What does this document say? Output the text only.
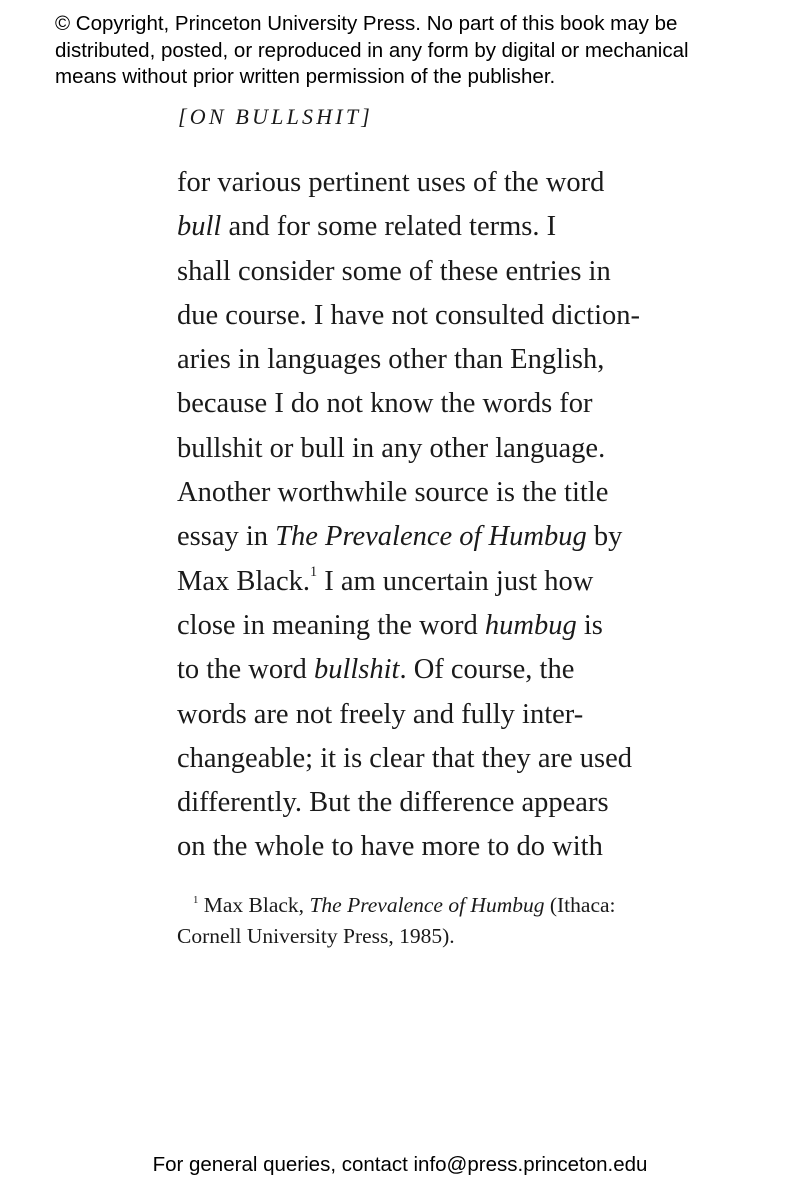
© Copyright, Princeton University Press. No part of this book may be
distributed, posted, or reproduced in any form by digital or mechanical
means without prior written permission of the publisher.
[ON BULLSHIT]
for various pertinent uses of the word
bull and for some related terms. I
shall consider some of these entries in
due course. I have not consulted diction-
aries in languages other than English,
because I do not know the words for
bullshit or bull in any other language.
Another worthwhile source is the title
essay in The Prevalence of Humbug by
Max Black.$^1$ I am uncertain just how
close in meaning the word humbug is
to the word bullshit. Of course, the
words are not freely and fully inter-
changeable; it is clear that they are used
differently. But the difference appears
on the whole to have more to do with
$^1$ Max Black, The Prevalence of Humbug (Ithaca:
Cornell University Press, 1985).
For general queries, contact info@press.princeton.edu
